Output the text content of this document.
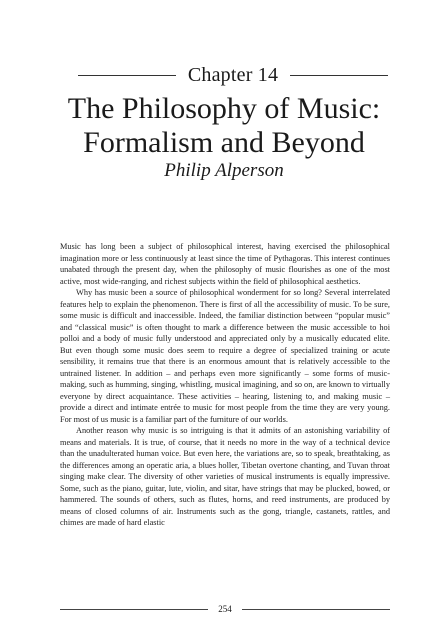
Chapter 14
The Philosophy of Music:
Formalism and Beyond
Philip Alperson

Music has long been a subject of philosophical interest, having exercised the philosophical imagination more or less continuously at least since the time of Pythagoras. This interest continues unabated through the present day, when the philosophy of music flourishes as one of the most active, most wide-ranging, and richest subjects within the field of philosophical aesthetics.

Why has music been a source of philosophical wonderment for so long? Several interrelated features help to explain the phenomenon. There is first of all the accessibility of music. To be sure, some music is difficult and inaccessible. Indeed, the familiar distinction between “popular music” and “classical music” is often thought to mark a difference between the music accessible to hoi polloi and a body of music fully understood and appreciated only by a musically educated elite. But even though some music does seem to require a degree of specialized training or acute sensibility, it remains true that there is an enormous amount that is relatively accessible to the untrained listener. In addition – and perhaps even more significantly – some forms of music-making, such as humming, singing, whistling, musical imagining, and so on, are known to virtually everyone by direct acquaintance. These activities – hearing, listening to, and making music – provide a direct and intimate entrée to music for most people from the time they are very young. For most of us music is a familiar part of the furniture of our worlds.

Another reason why music is so intriguing is that it admits of an astonishing variability of means and materials. It is true, of course, that it needs no more in the way of a technical device than the unadulterated human voice. But even here, the variations are, so to speak, breathtaking, as the differences among an operatic aria, a blues holler, Tibetan overtone chanting, and Tuvan throat singing make clear. The diversity of other varieties of musical instruments is equally impressive. Some, such as the piano, guitar, lute, violin, and sitar, have strings that may be plucked, bowed, or hammered. The sounds of others, such as flutes, horns, and reed instruments, are produced by means of closed columns of air. Instruments such as the gong, triangle, castanets, rattles, and chimes are made of hard elastic

254
